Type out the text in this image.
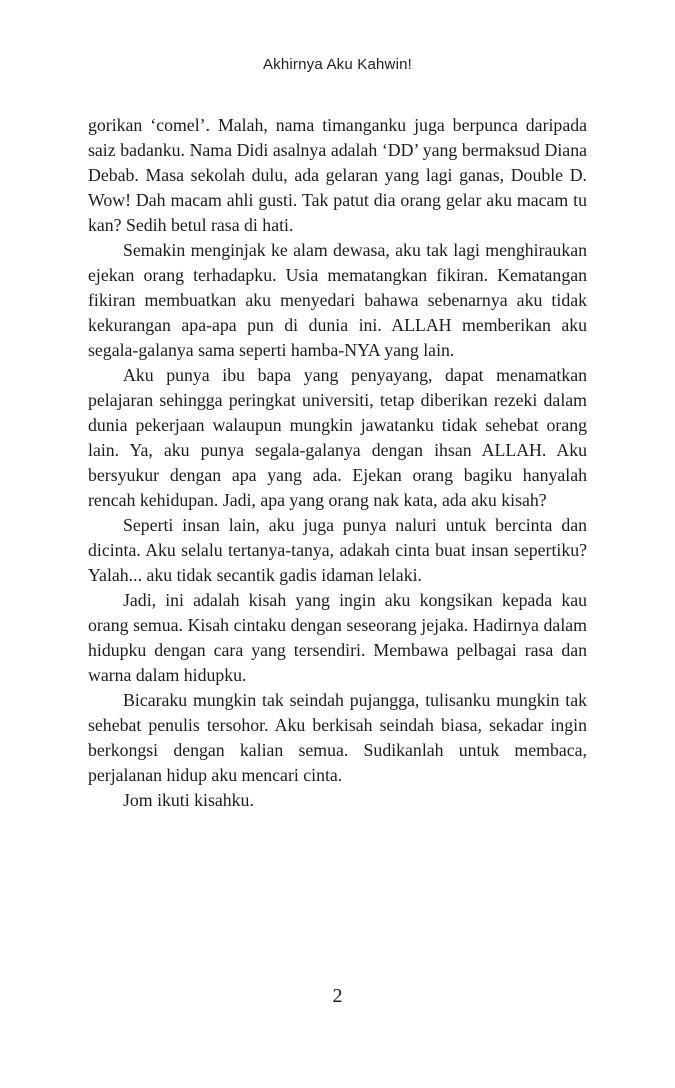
Akhirnya Aku Kahwin!

gorikan ‘comel’. Malah, nama timanganku juga berpunca daripada saiz badanku. Nama Didi asalnya adalah ‘DD’ yang bermaksud Diana Debab. Masa sekolah dulu, ada gelaran yang lagi ganas, Double D. Wow! Dah macam ahli gusti. Tak patut dia orang gelar aku macam tu kan? Sedih betul rasa di hati.

Semakin menginjak ke alam dewasa, aku tak lagi menghiraukan ejekan orang terhadapku. Usia mematangkan fikiran. Kematangan fikiran membuatkan aku menyedari bahawa sebenarnya aku tidak kekurangan apa-apa pun di dunia ini. ALLAH memberikan aku segala-galanya sama seperti hamba-NYA yang lain.

Aku punya ibu bapa yang penyayang, dapat menamatkan pelajaran sehingga peringkat universiti, tetap diberikan rezeki dalam dunia pekerjaan walaupun mungkin jawatanku tidak sehebat orang lain. Ya, aku punya segala-galanya dengan ihsan ALLAH. Aku bersyukur dengan apa yang ada. Ejekan orang bagiku hanyalah rencah kehidupan. Jadi, apa yang orang nak kata, ada aku kisah?

Seperti insan lain, aku juga punya naluri untuk bercinta dan dicinta. Aku selalu tertanya-tanya, adakah cinta buat insan sepertiku? Yalah... aku tidak secantik gadis idaman lelaki.

Jadi, ini adalah kisah yang ingin aku kongsikan kepada kau orang semua. Kisah cintaku dengan seseorang jejaka. Hadirnya dalam hidupku dengan cara yang tersendiri. Membawa pelbagai rasa dan warna dalam hidupku.

Bicaraku mungkin tak seindah pujangga, tulisanku mungkin tak sehebat penulis tersohor. Aku berkisah seindah biasa, sekadar ingin berkongsi dengan kalian semua. Sudikanlah untuk membaca, perjalanan hidup aku mencari cinta.

Jom ikuti kisahku.

2
